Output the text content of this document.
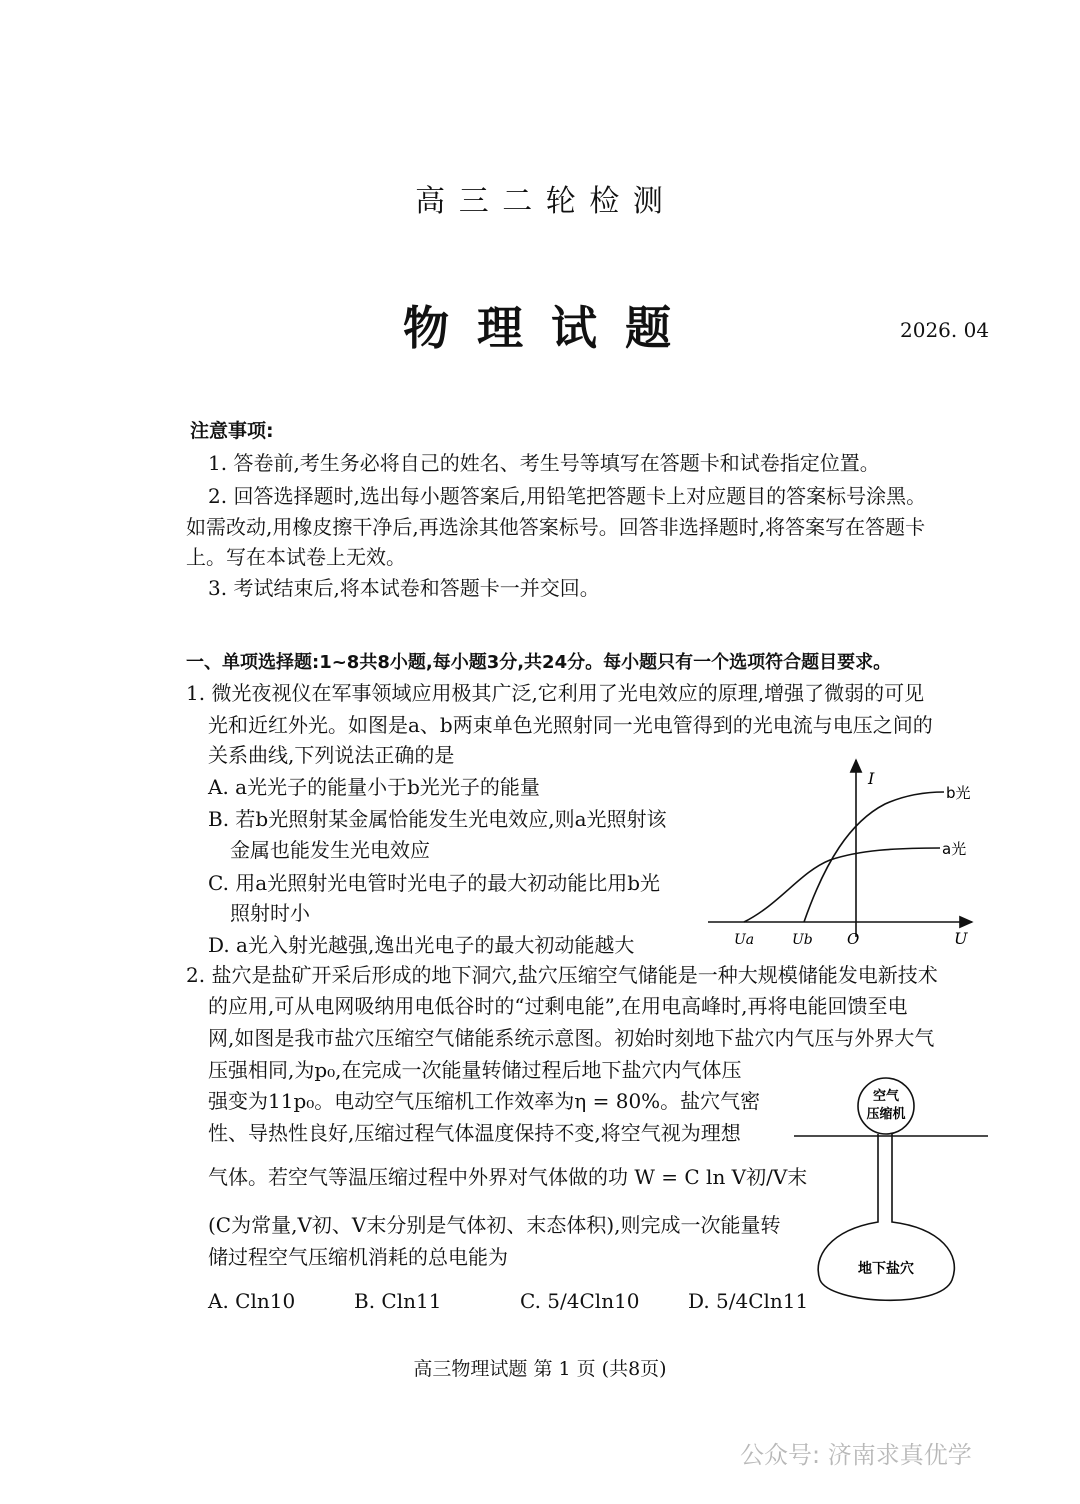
高 三 二 轮 检 测
物 理 试 题	2026. 04
注意事项:
1. 答卷前,考生务必将自己的姓名、考生号等填写在答题卡和试卷指定位置。
2. 回答选择题时,选出每小题答案后,用铅笔把答题卡上对应题目的答案标号涂黑。
如需改动,用橡皮擦干净后,再选涂其他答案标号。回答非选择题时,将答案写在答题卡
上。写在本试卷上无效。
3. 考试结束后,将本试卷和答题卡一并交回。
一、单项选择题:1~8共8小题,每小题3分,共24分。每小题只有一个选项符合题目要求。
1. 微光夜视仪在军事领域应用极其广泛,它利用了光电效应的原理,增强了微弱的可见
光和近红外光。如图是a、b两束单色光照射同一光电管得到的光电流与电压之间的
关系曲线,下列说法正确的是
A. a光光子的能量小于b光光子的能量
B. 若b光照射某金属恰能发生光电效应,则a光照射该
金属也能发生光电效应
C. 用a光照射光电管时光电子的最大初动能比用b光
照射时小
D. a光入射光越强,逸出光电子的最大初动能越大
I
U
O
Ua	Ub
b光
a光
2. 盐穴是盐矿开采后形成的地下洞穴,盐穴压缩空气储能是一种大规模储能发电新技术
的应用,可从电网吸纳用电低谷时的“过剩电能”,在用电高峰时,再将电能回馈至电
网,如图是我市盐穴压缩空气储能系统示意图。初始时刻地下盐穴内气压与外界大气
压强相同,为p₀,在完成一次能量转储过程后地下盐穴内气体压
强变为11p₀。电动空气压缩机工作效率为η = 80%。盐穴气密
性、导热性良好,压缩过程气体温度保持不变,将空气视为理想
气体。若空气等温压缩过程中外界对气体做的功 W = C ln V初/V末
(C为常量,V初、V末分别是气体初、末态体积),则完成一次能量转
储过程空气压缩机消耗的总电能为
A. Cln10	B. Cln11	C. 5/4Cln10 D. 5/4Cln11
空气
压缩机
地下盐穴
高三物理试题 第 1 页 (共8页)
公众号: 济南求真优学
